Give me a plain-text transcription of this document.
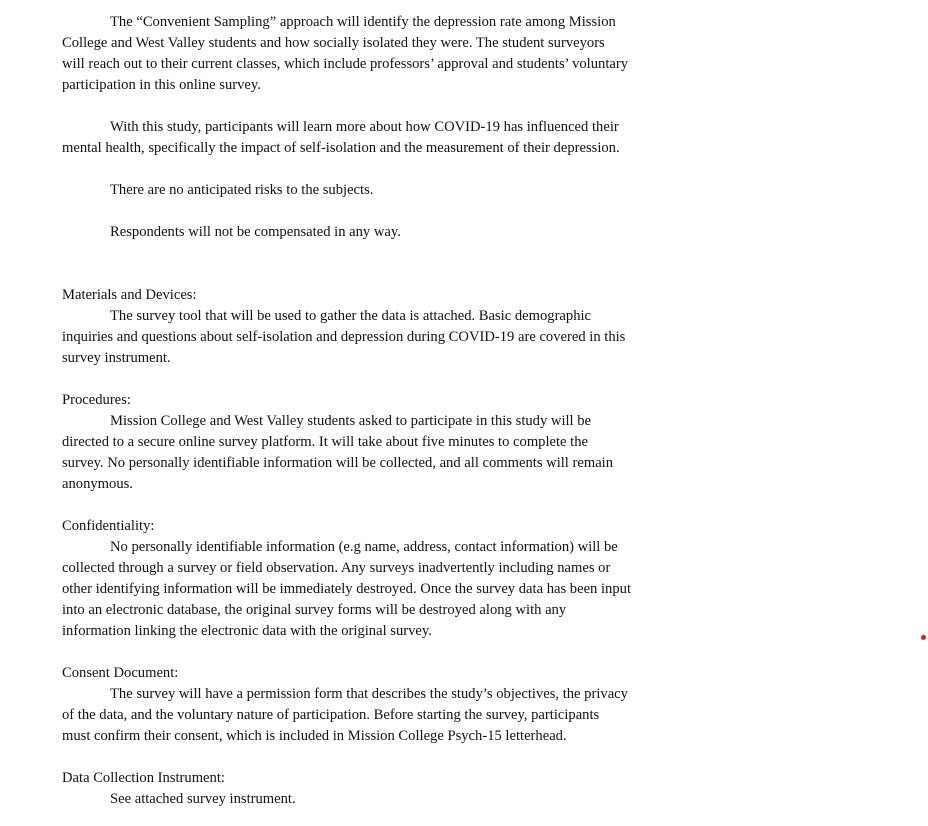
The “Convenient Sampling” approach will identify the depression rate among Mission

College and West Valley students and how socially isolated they were. The student surveyors

will reach out to their current classes, which include professors’ approval and students’ voluntary

participation in this online survey.

With this study, participants will learn more about how COVID-19 has influenced their

mental health, specifically the impact of self-isolation and the measurement of their depression.

There are no anticipated risks to the subjects.

Respondents will not be compensated in any way.

Materials and Devices:

The survey tool that will be used to gather the data is attached. Basic demographic

inquiries and questions about self-isolation and depression during COVID-19 are covered in this

survey instrument.

Procedures:

Mission College and West Valley students asked to participate in this study will be

directed to a secure online survey platform. It will take about five minutes to complete the

survey. No personally identifiable information will be collected, and all comments will remain

anonymous.

Confidentiality:

No personally identifiable information (e.g name, address, contact information) will be

collected through a survey or field observation. Any surveys inadvertently including names or

other identifying information will be immediately destroyed. Once the survey data has been input

into an electronic database, the original survey forms will be destroyed along with any

information linking the electronic data with the original survey.

Consent Document:

The survey will have a permission form that describes the study’s objectives, the privacy

of the data, and the voluntary nature of participation. Before starting the survey, participants

must confirm their consent, which is included in Mission College Psych-15 letterhead.

Data Collection Instrument:

See attached survey instrument.
